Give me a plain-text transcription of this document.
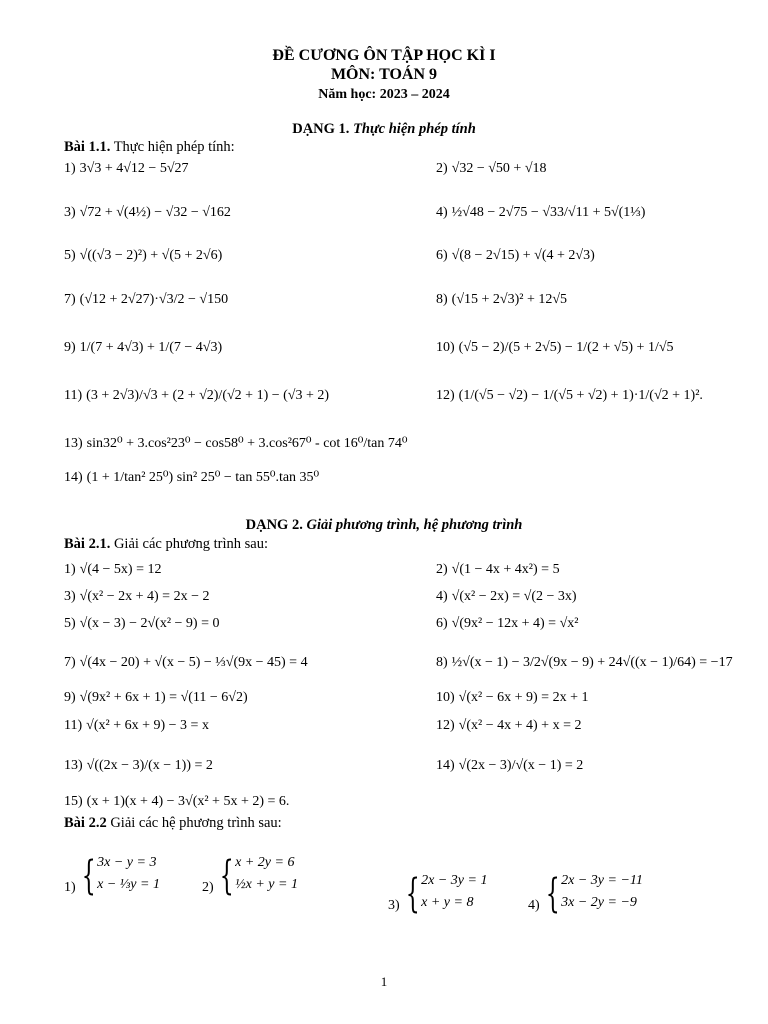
ĐỀ CƯƠNG ÔN TẬP HỌC KÌ I
MÔN: TOÁN 9
Năm học: 2023 – 2024
DẠNG 1. Thực hiện phép tính
Bài 1.1. Thực hiện phép tính:
1) 3√3 + 4√12 − 5√27	2) √32 − √50 + √18
3) √72 + √(4½) − √32 − √162	4) ½√48 − 2√75 − √33/√11 + 5√(1⅓)
5) √((√3 − 2)²) + √(5 + 2√6)	6) √(8 − 2√15) + √(4 + 2√3)
7) (√12 + 2√27)·√3/2 − √150	8) (√15 + 2√3)² + 12√5
9) 1/(7 + 4√3) + 1/(7 − 4√3)	10) (√5 − 2)/(5 + 2√5) − 1/(2 + √5) + 1/√5
11) (3 + 2√3)/√3 + (2 + √2)/(√2 + 1) − (√3 + 2)	12) (1/(√5 − √2) − 1/(√5 + √2) + 1)·1/(√2 + 1)².
13) sin32⁰ + 3.cos²23⁰ − cos58⁰ + 3.cos²67⁰ - cot 16⁰/tan 74⁰
14) (1 + 1/tan² 25⁰) sin² 25⁰ − tan 55⁰.tan 35⁰
DẠNG 2. Giải phương trình, hệ phương trình
Bài 2.1. Giải các phương trình sau:
1) √(4 − 5x) = 12	2) √(1 − 4x + 4x²) = 5
3) √(x² − 2x + 4) = 2x − 2	4) √(x² − 2x) = √(2 − 3x)
5) √(x − 3) − 2√(x² − 9) = 0	6) √(9x² − 12x + 4) = √x²
7) √(4x − 20) + √(x − 5) − ⅓√(9x − 45) = 4	8) ½√(x − 1) − 3/2√(9x − 9) + 24√((x − 1)/64) = −17
9) √(9x² + 6x + 1) = √(11 − 6√2)	10) √(x² − 6x + 9) = 2x + 1
11) √(x² + 6x + 9) − 3 = x	12) √(x² − 4x + 4) + x = 2
13) √((2x − 3)/(x − 1)) = 2	14) √(2x − 3)/√(x − 1) = 2
15) (x + 1)(x + 4) − 3√(x² + 5x + 2) = 6.
Bài 2.2 Giải các hệ phương trình sau:
1) { 3x − y = 3
x − ⅓y = 1	2) { x + 2y = 6
½x + y = 1
3) { 2x − 3y = 1
x + y = 8	4) { 2x − 3y = −11
3x − 2y = −9
1
